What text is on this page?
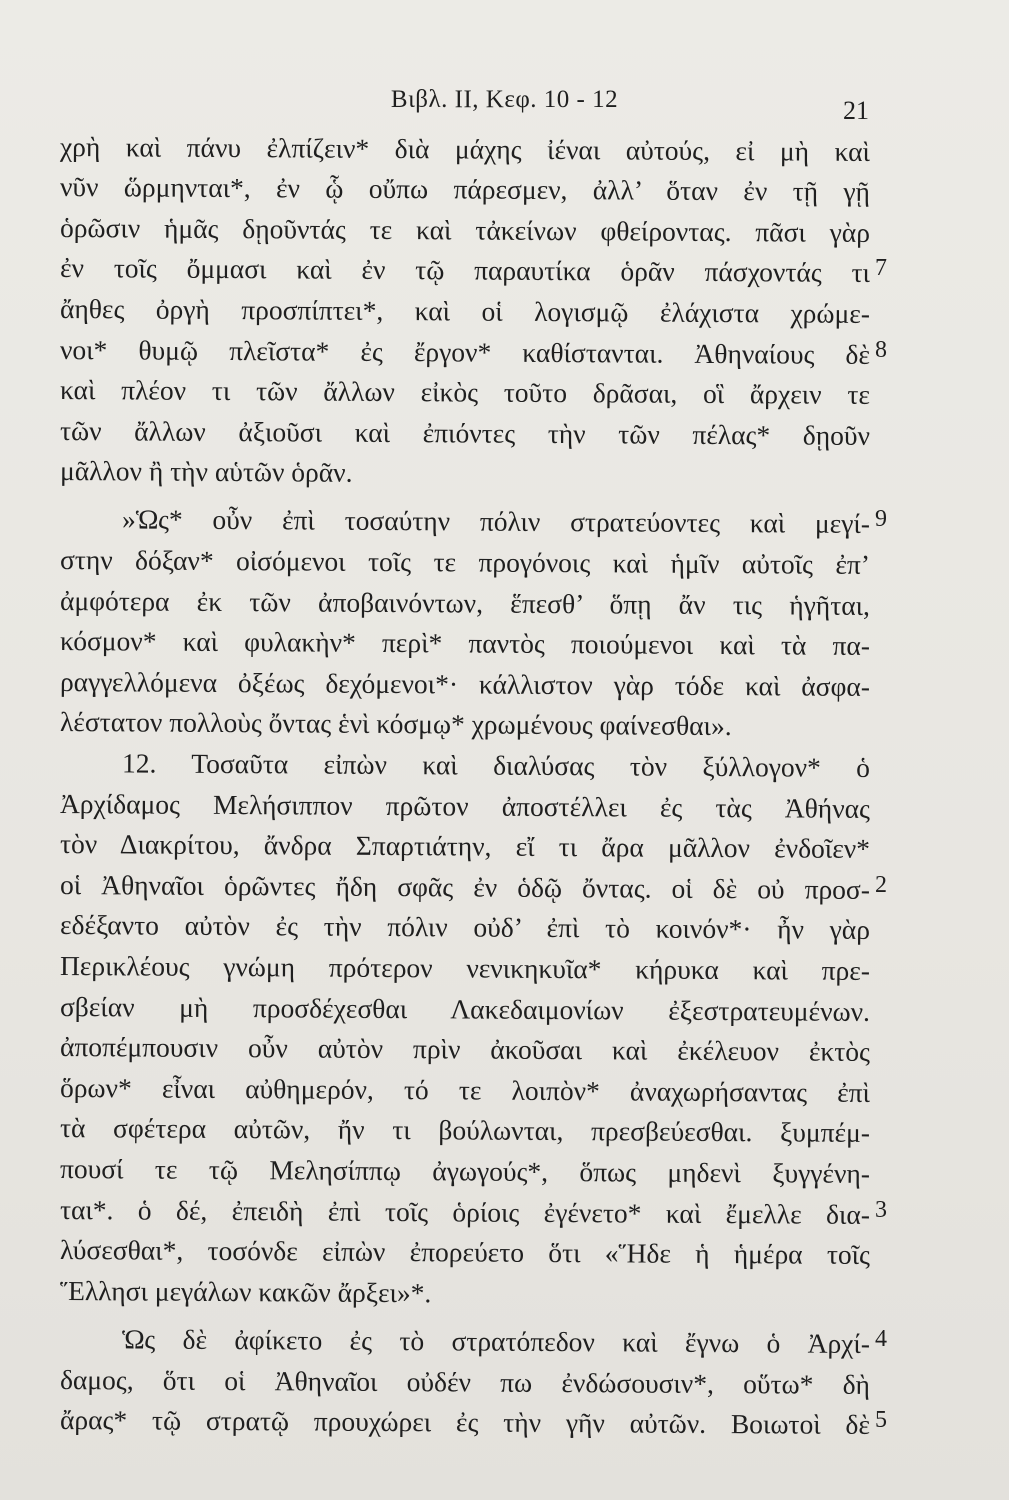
Βιβλ. ΙΙ, Κεφ. 10 - 12	21
χρὴ καὶ πάνυ ἐλπίζειν* διὰ μάχης ἰέναι αὐτούς, εἰ μὴ καὶ
νῦν ὥρμηνται*, ἐν ᾧ οὔπω πάρεσμεν, ἀλλ’ ὅταν ἐν τῇ γῇ
ὁρῶσιν ἡμᾶς δῃοῦντάς τε καὶ τἀκείνων φθείροντας. πᾶσι γὰρ
ἐν τοῖς ὄμμασι καὶ ἐν τῷ παραυτίκα ὁρᾶν πάσχοντάς τι
ἄηθες ὀργὴ προσπίπτει*, καὶ οἱ λογισμῷ ἐλάχιστα χρώμε-
νοι* θυμῷ πλεῖστα* ἐς ἔργον* καθίστανται. Ἀθηναίους δὲ
καὶ πλέον τι τῶν ἄλλων εἰκὸς τοῦτο δρᾶσαι, οἳ ἄρχειν τε
τῶν ἄλλων ἀξιοῦσι καὶ ἐπιόντες τὴν τῶν πέλας* δῃοῦν
μᾶλλον ἢ τὴν αὑτῶν ὁρᾶν.
»Ὡς* οὖν ἐπὶ τοσαύτην πόλιν στρατεύοντες καὶ μεγί-
στην δόξαν* οἰσόμενοι τοῖς τε προγόνοις καὶ ἡμῖν αὐτοῖς ἐπ’
ἀμφότερα ἐκ τῶν ἀποβαινόντων, ἕπεσθ’ ὅπῃ ἄν τις ἡγῆται,
κόσμον* καὶ φυλακὴν* περὶ* παντὸς ποιούμενοι καὶ τὰ πα-
ραγγελλόμενα ὀξέως δεχόμενοι*· κάλλιστον γὰρ τόδε καὶ ἀσφα-
λέστατον πολλοὺς ὄντας ἑνὶ κόσμῳ* χρωμένους φαίνεσθαι».
12. Τοσαῦτα εἰπὼν καὶ διαλύσας τὸν ξύλλογον* ὁ
Ἀρχίδαμος Μελήσιππον πρῶτον ἀποστέλλει ἐς τὰς Ἀθήνας
τὸν Διακρίτου, ἄνδρα Σπαρτιάτην, εἴ τι ἄρα μᾶλλον ἐνδοῖεν*
οἱ Ἀθηναῖοι ὁρῶντες ἤδη σφᾶς ἐν ὁδῷ ὄντας. οἱ δὲ οὐ προσ-
εδέξαντο αὐτὸν ἐς τὴν πόλιν οὐδ’ ἐπὶ τὸ κοινόν*· ἦν γὰρ
Περικλέους γνώμη πρότερον νενικηκυῖα* κήρυκα καὶ πρε-
σβείαν μὴ προσδέχεσθαι Λακεδαιμονίων ἐξεστρατευμένων.
ἀποπέμπουσιν οὖν αὐτὸν πρὶν ἀκοῦσαι καὶ ἐκέλευον ἐκτὸς
ὅρων* εἶναι αὐθημερόν, τό τε λοιπὸν* ἀναχωρήσαντας ἐπὶ
τὰ σφέτερα αὐτῶν, ἤν τι βούλωνται, πρεσβεύεσθαι. ξυμπέμ-
πουσί τε τῷ Μελησίππῳ ἀγωγούς*, ὅπως μηδενὶ ξυγγένη-
ται*. ὁ δέ, ἐπειδὴ ἐπὶ τοῖς ὁρίοις ἐγένετο* καὶ ἔμελλε δια-
λύσεσθαι*, τοσόνδε εἰπὼν ἐπορεύετο ὅτι «Ἥδε ἡ ἡμέρα τοῖς
Ἕλλησι μεγάλων κακῶν ἄρξει»*.
Ὡς δὲ ἀφίκετο ἐς τὸ στρατόπεδον καὶ ἔγνω ὁ Ἀρχί-
δαμος, ὅτι οἱ Ἀθηναῖοι οὐδέν πω ἐνδώσουσιν*, οὕτω* δὴ
ἄρας* τῷ στρατῷ προυχώρει ἐς τὴν γῆν αὐτῶν. Βοιωτοὶ δὲ
7
8
9
2
3
4
5
